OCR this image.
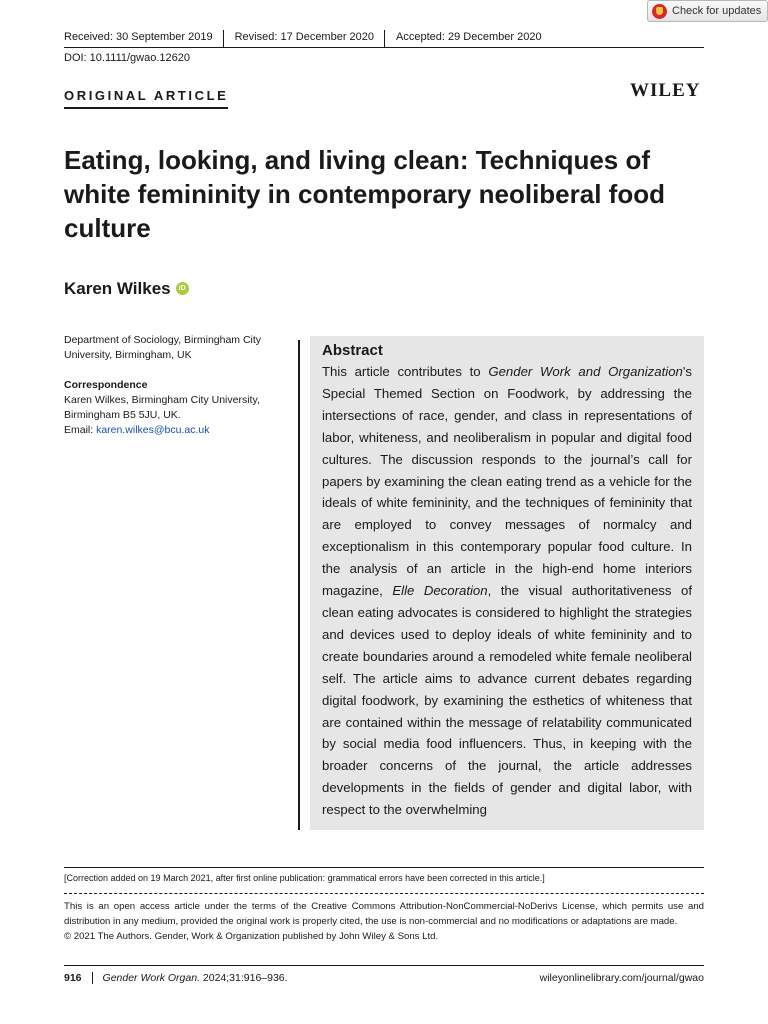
Check for updates
Received: 30 September 2019	Revised: 17 December 2020	Accepted: 29 December 2020
DOI: 10.1111/gwao.12620
ORIGINAL ARTICLE	WILEY
Eating, looking, and living clean: Techniques of white femininity in contemporary neoliberal food culture
Karen Wilkes	iD

Department of Sociology, Birmingham City University, Birmingham, UK

Correspondence

Karen Wilkes, Birmingham City University,

Birmingham B5 5JU, UK.

Email: karen.wilkes@bcu.ac.uk

Abstract

This article contributes to Gender Work and Organization's Special Themed Section on Foodwork, by addressing the intersections of race, gender, and class in representations of labor, whiteness, and neoliberalism in popular and digital food cultures. The discussion responds to the journal’s call for papers by examining the clean eating trend as a vehicle for the ideals of white femininity, and the techniques of femininity that are employed to convey messages of normalcy and exceptionalism in this contemporary popular food culture. In the analysis of an article in the high-end home interiors magazine, Elle Decoration, the visual authoritativeness of clean eating advocates is considered to highlight the strategies and devices used to deploy ideals of white femininity and to create boundaries around a remodeled white female neoliberal self. The article aims to advance current debates regarding digital foodwork, by examining the esthetics of whiteness that are contained within the message of relatability communicated by social media food influencers. Thus, in keeping with the broader concerns of the journal, the article addresses developments in the fields of gender and digital labor, with respect to the overwhelming

[Correction added on 19 March 2021, after first online publication: grammatical errors have been corrected in this article.]

This is an open access article under the terms of the Creative Commons Attribution-NonCommercial-NoDerivs License, which permits use and distribution in any medium, provided the original work is properly cited, the use is non-commercial and no modifications or adaptations are made.

© 2021 The Authors. Gender, Work & Organization published by John Wiley & Sons Ltd.

916	Gender Work Organ. 2024;31:916–936.	wileyonlinelibrary.com/journal/gwao
